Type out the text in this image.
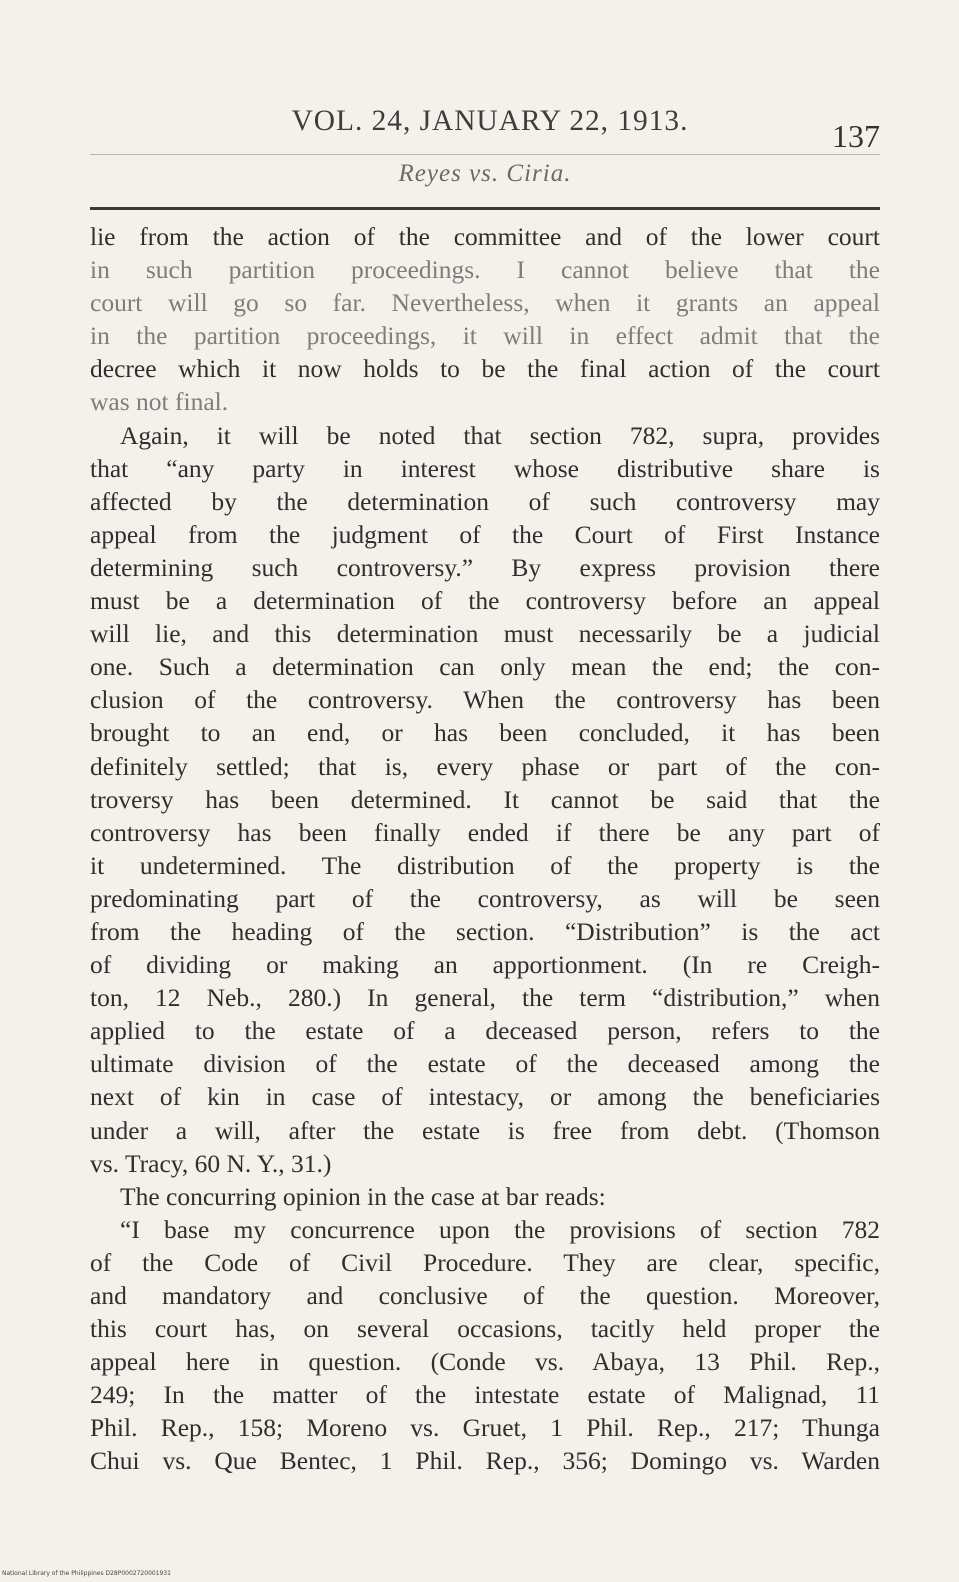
VOL. 24, JANUARY 22, 1913.	137
Reyes vs. Ciria.
lie from the action of the committee and of the lower court
in such partition proceedings. I cannot believe that the
court will go so far. Nevertheless, when it grants an appeal
in the partition proceedings, it will in effect admit that the
decree which it now holds to be the final action of the court
was not final.
Again, it will be noted that section 782, supra, provides
that “any party in interest whose distributive share is
affected by the determination of such controversy may
appeal from the judgment of the Court of First Instance
determining such controversy.” By express provision there
must be a determination of the controversy before an appeal
will lie, and this determination must necessarily be a judicial
one. Such a determination can only mean the end; the con-
clusion of the controversy. When the controversy has been
brought to an end, or has been concluded, it has been
definitely settled; that is, every phase or part of the con-
troversy has been determined. It cannot be said that the
controversy has been finally ended if there be any part of
it undetermined. The distribution of the property is the
predominating part of the controversy, as will be seen
from the heading of the section. “Distribution” is the act
of dividing or making an apportionment. (In re Creigh-
ton, 12 Neb., 280.) In general, the term “distribution,” when
applied to the estate of a deceased person, refers to the
ultimate division of the estate of the deceased among the
next of kin in case of intestacy, or among the beneficiaries
under a will, after the estate is free from debt. (Thomson
vs. Tracy, 60 N. Y., 31.)
The concurring opinion in the case at bar reads:
“I base my concurrence upon the provisions of section 782
of the Code of Civil Procedure. They are clear, specific,
and mandatory and conclusive of the question. Moreover,
this court has, on several occasions, tacitly held proper the
appeal here in question. (Conde vs. Abaya, 13 Phil. Rep.,
249; In the matter of the intestate estate of Malignad, 11
Phil. Rep., 158; Moreno vs. Gruet, 1 Phil. Rep., 217; Thunga
Chui vs. Que Bentec, 1 Phil. Rep., 356; Domingo vs. Warden
National Library of the Philippines D28P0002720001931
